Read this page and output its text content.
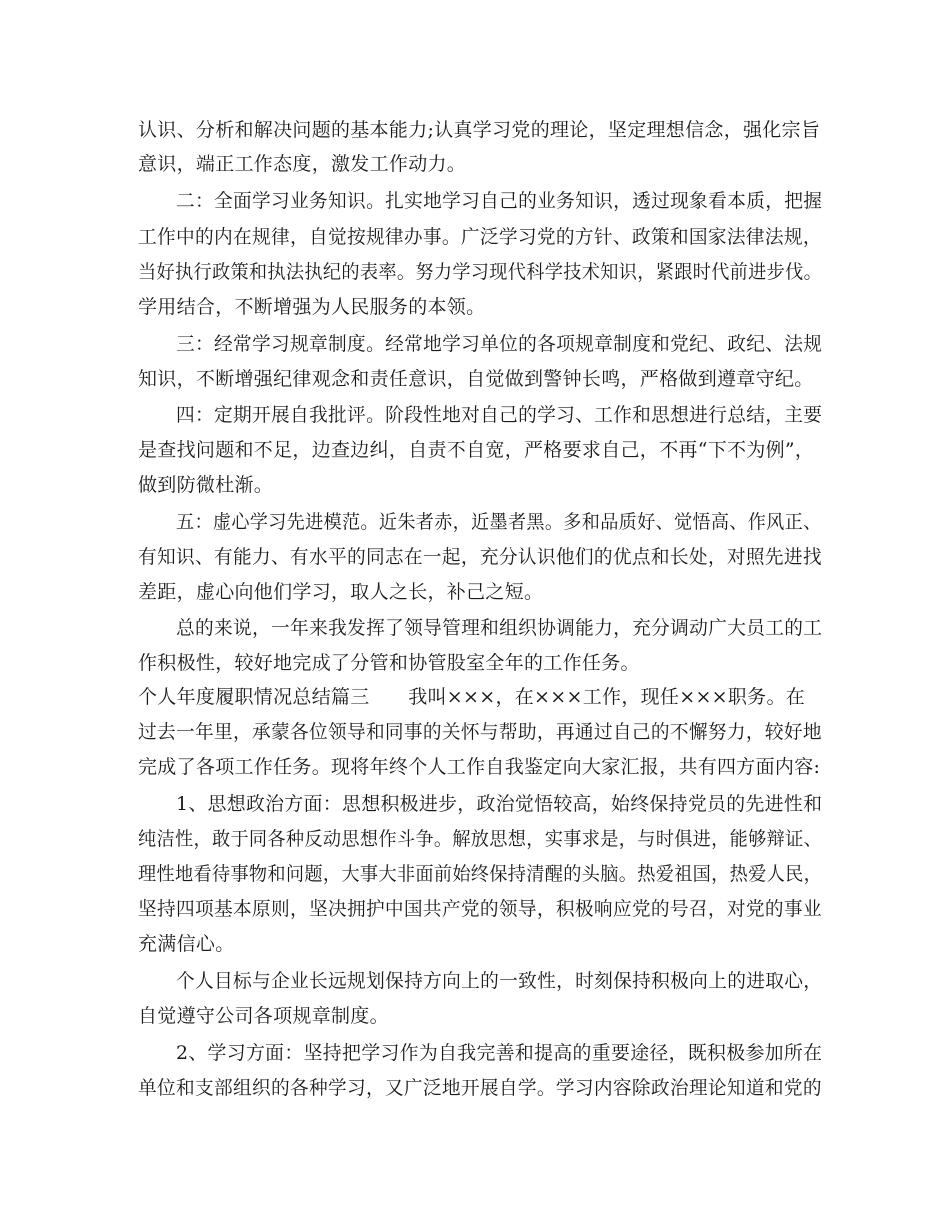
认识、分析和解决问题的基本能力;认真学习党的理论，坚定理想信念，强化宗旨
意识，端正工作态度，激发工作动力。
二：全面学习业务知识。扎实地学习自己的业务知识，透过现象看本质，把握
工作中的内在规律，自觉按规律办事。广泛学习党的方针、政策和国家法律法规，
当好执行政策和执法执纪的表率。努力学习现代科学技术知识，紧跟时代前进步伐。
学用结合，不断增强为人民服务的本领。
三：经常学习规章制度。经常地学习单位的各项规章制度和党纪、政纪、法规
知识，不断增强纪律观念和责任意识，自觉做到警钟长鸣，严格做到遵章守纪。
四：定期开展自我批评。阶段性地对自己的学习、工作和思想进行总结，主要
是查找问题和不足，边查边纠，自责不自宽，严格要求自己，不再“下不为例”，
做到防微杜渐。
五：虚心学习先进模范。近朱者赤，近墨者黑。多和品质好、觉悟高、作风正、
有知识、有能力、有水平的同志在一起，充分认识他们的优点和长处，对照先进找
差距，虚心向他们学习，取人之长，补己之短。
总的来说，一年来我发挥了领导管理和组织协调能力，充分调动广大员工的工
作积极性，较好地完成了分管和协管股室全年的工作任务。
个人年度履职情况总结篇三　　我叫×××，在×××工作，现任×××职务。在
过去一年里，承蒙各位领导和同事的关怀与帮助，再通过自己的不懈努力，较好地
完成了各项工作任务。现将年终个人工作自我鉴定向大家汇报，共有四方面内容:
1、思想政治方面：思想积极进步，政治觉悟较高，始终保持党员的先进性和
纯洁性，敢于同各种反动思想作斗争。解放思想，实事求是，与时俱进，能够辩证、
理性地看待事物和问题，大事大非面前始终保持清醒的头脑。热爱祖国，热爱人民，
坚持四项基本原则，坚决拥护中国共产党的领导，积极响应党的号召，对党的事业
充满信心。
个人目标与企业长远规划保持方向上的一致性，时刻保持积极向上的进取心，
自觉遵守公司各项规章制度。
2、学习方面：坚持把学习作为自我完善和提高的重要途径，既积极参加所在
单位和支部组织的各种学习，又广泛地开展自学。学习内容除政治理论知道和党的
